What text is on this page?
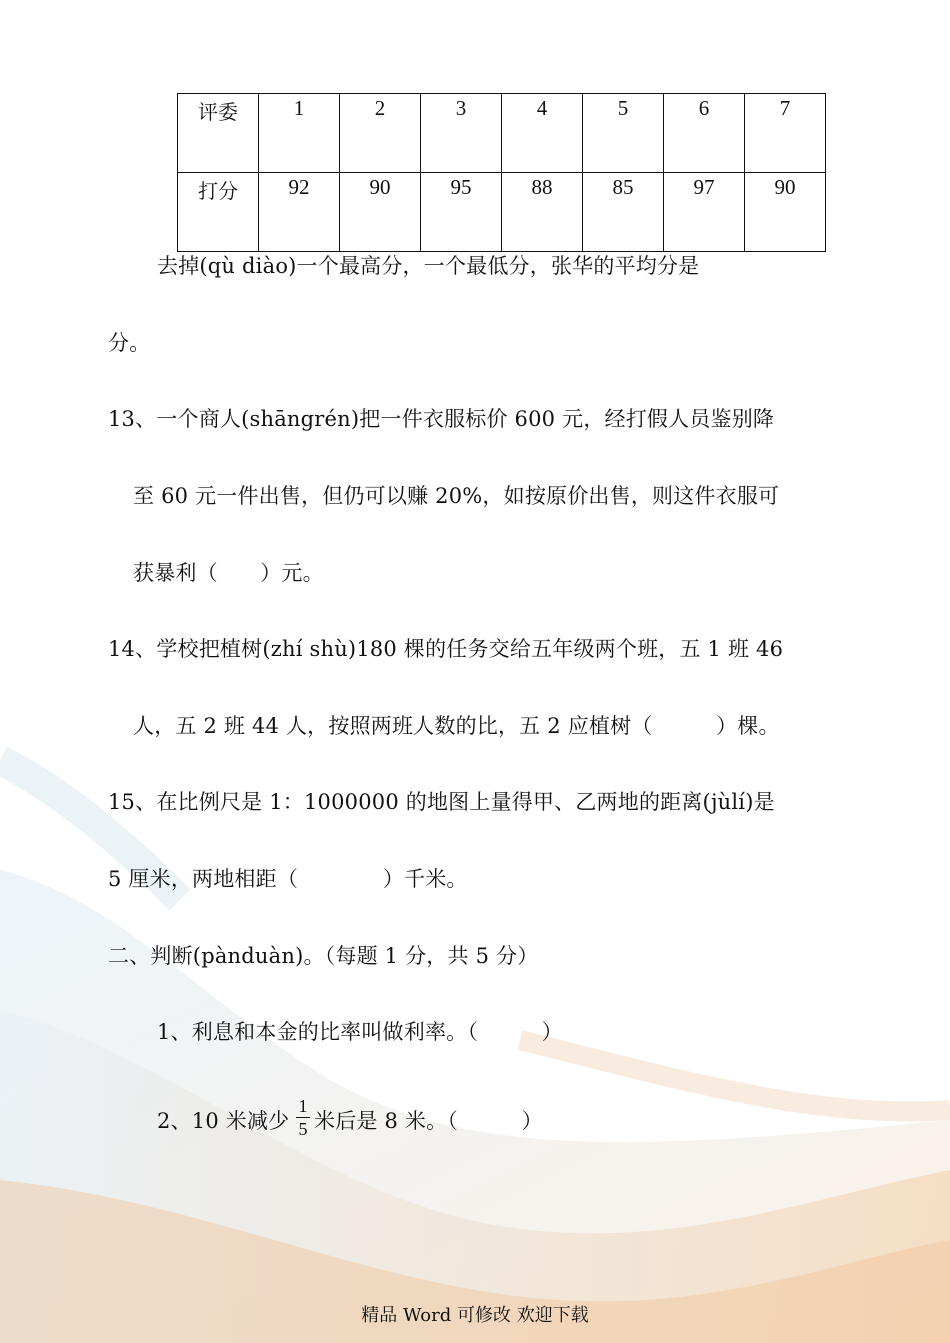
评委	1	2	3	4	5	6	7
打分	92	90	95	88	85	97	90
去掉(qù diào)一个最高分，一个最低分，张华的平均分是
分。
13、一个商人(shāngrén)把一件衣服标价 600 元，经打假人员鉴别降
至 60 元一件出售，但仍可以赚 20%，如按原价出售，则这件衣服可
获暴利（　　）元。
14、学校把植树(zhí shù)180 棵的任务交给五年级两个班，五 1 班 46
人，五 2 班 44 人，按照两班人数的比，五 2 应植树（　　　）棵。
15、在比例尺是 1：1000000 的地图上量得甲、乙两地的距离(jùlí)是
5 厘米，两地相距（　　　　）千米。
二、判断(pànduàn)。（每题 1 分，共 5 分）
1、利息和本金的比率叫做利率。（　　　）
2、10 米减少
1
5 米后是 8 米。（　　　）
精品 Word 可修改 欢迎下载
